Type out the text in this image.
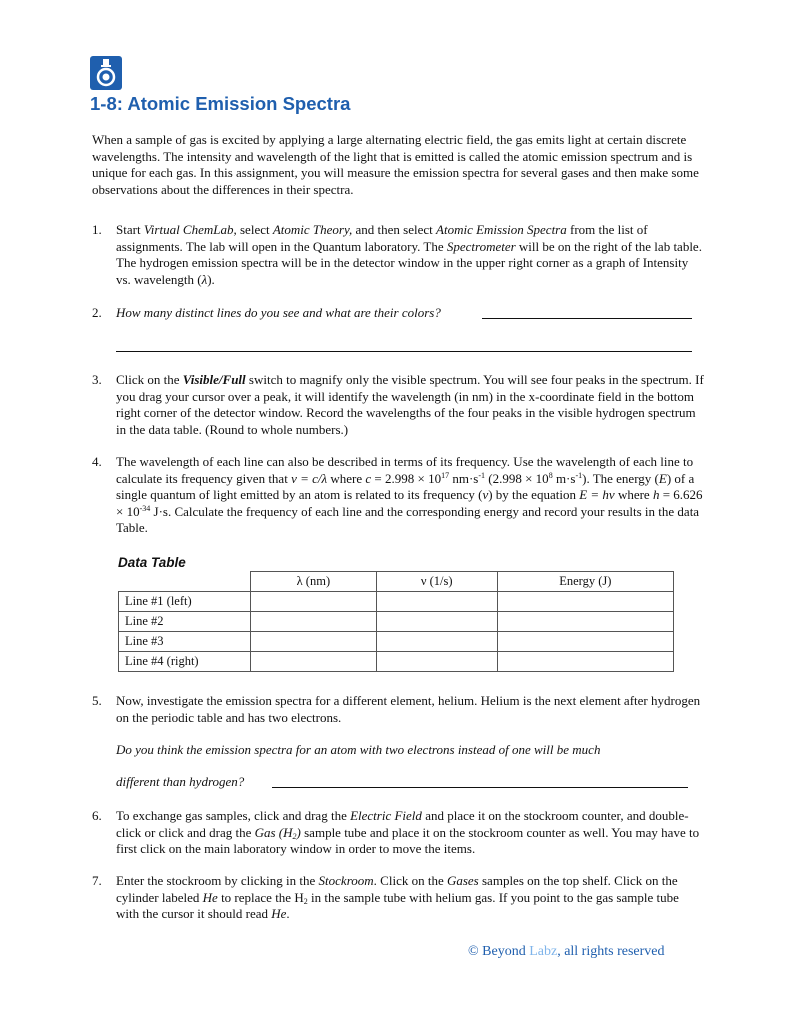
1-8: Atomic Emission Spectra

When a sample of gas is excited by applying a large alternating electric field, the gas emits light at certain discrete wavelengths. The intensity and wavelength of the light that is emitted is called the atomic emission spectrum and is unique for each gas. In this assignment, you will measure the emission spectra for several gases and then make some observations about the differences in their spectra.

1. Start Virtual ChemLab, select Atomic Theory, and then select Atomic Emission Spectra from the list of assignments. The lab will open in the Quantum laboratory. The Spectrometer will be on the right of the lab table. The hydrogen emission spectra will be in the detector window in the upper right corner as a graph of Intensity vs. wavelength (λ).
2. How many distinct lines do you see and what are their colors?
3. Click on the Visible/Full switch to magnify only the visible spectrum. You will see four peaks in the spectrum. If you drag your cursor over a peak, it will identify the wavelength (in nm) in the x-coordinate field in the bottom right corner of the detector window. Record the wavelengths of the four peaks in the visible hydrogen spectrum in the data table. (Round to whole numbers.)
4. The wavelength of each line can also be described in terms of its frequency. Use the wavelength of each line to calculate its frequency given that ν = c/λ where $c = 2.998 \times 10^{17}$ $nm\cdot s^{-1}$ ($2.998 \times 10^8$ $m\cdot s^{-1}$). The energy (E) of a single quantum of light emitted by an atom is related to its frequency (ν) by the equation E = hν where $h = 6.626 \times 10^{-34}$ J·s. Calculate the frequency of each line and the corresponding energy and record your results in the data Table.
Data Table
	λ (nm)	ν (1/s)	Energy (J)
Line #1 (left)			
Line #2			
Line #3			
Line #4 (right)			
5. Now, investigate the emission spectra for a different element, helium. Helium is the next element after hydrogen on the periodic table and has two electrons.
Do you think the emission spectra for an atom with two electrons instead of one will be much
different than hydrogen?
6. To exchange gas samples, click and drag the Electric Field and place it on the stockroom counter, and double-click or click and drag the Gas $(H_2)$ sample tube and place it on the stockroom counter as well. You may have to first click on the main laboratory window in order to move the items.
7. Enter the stockroom by clicking in the Stockroom. Click on the Gases samples on the top shelf. Click on the cylinder labeled He to replace the $H_2$ in the sample tube with helium gas. If you point to the gas sample tube with the cursor it should read He.
© Beyond Labz, all rights reserved
